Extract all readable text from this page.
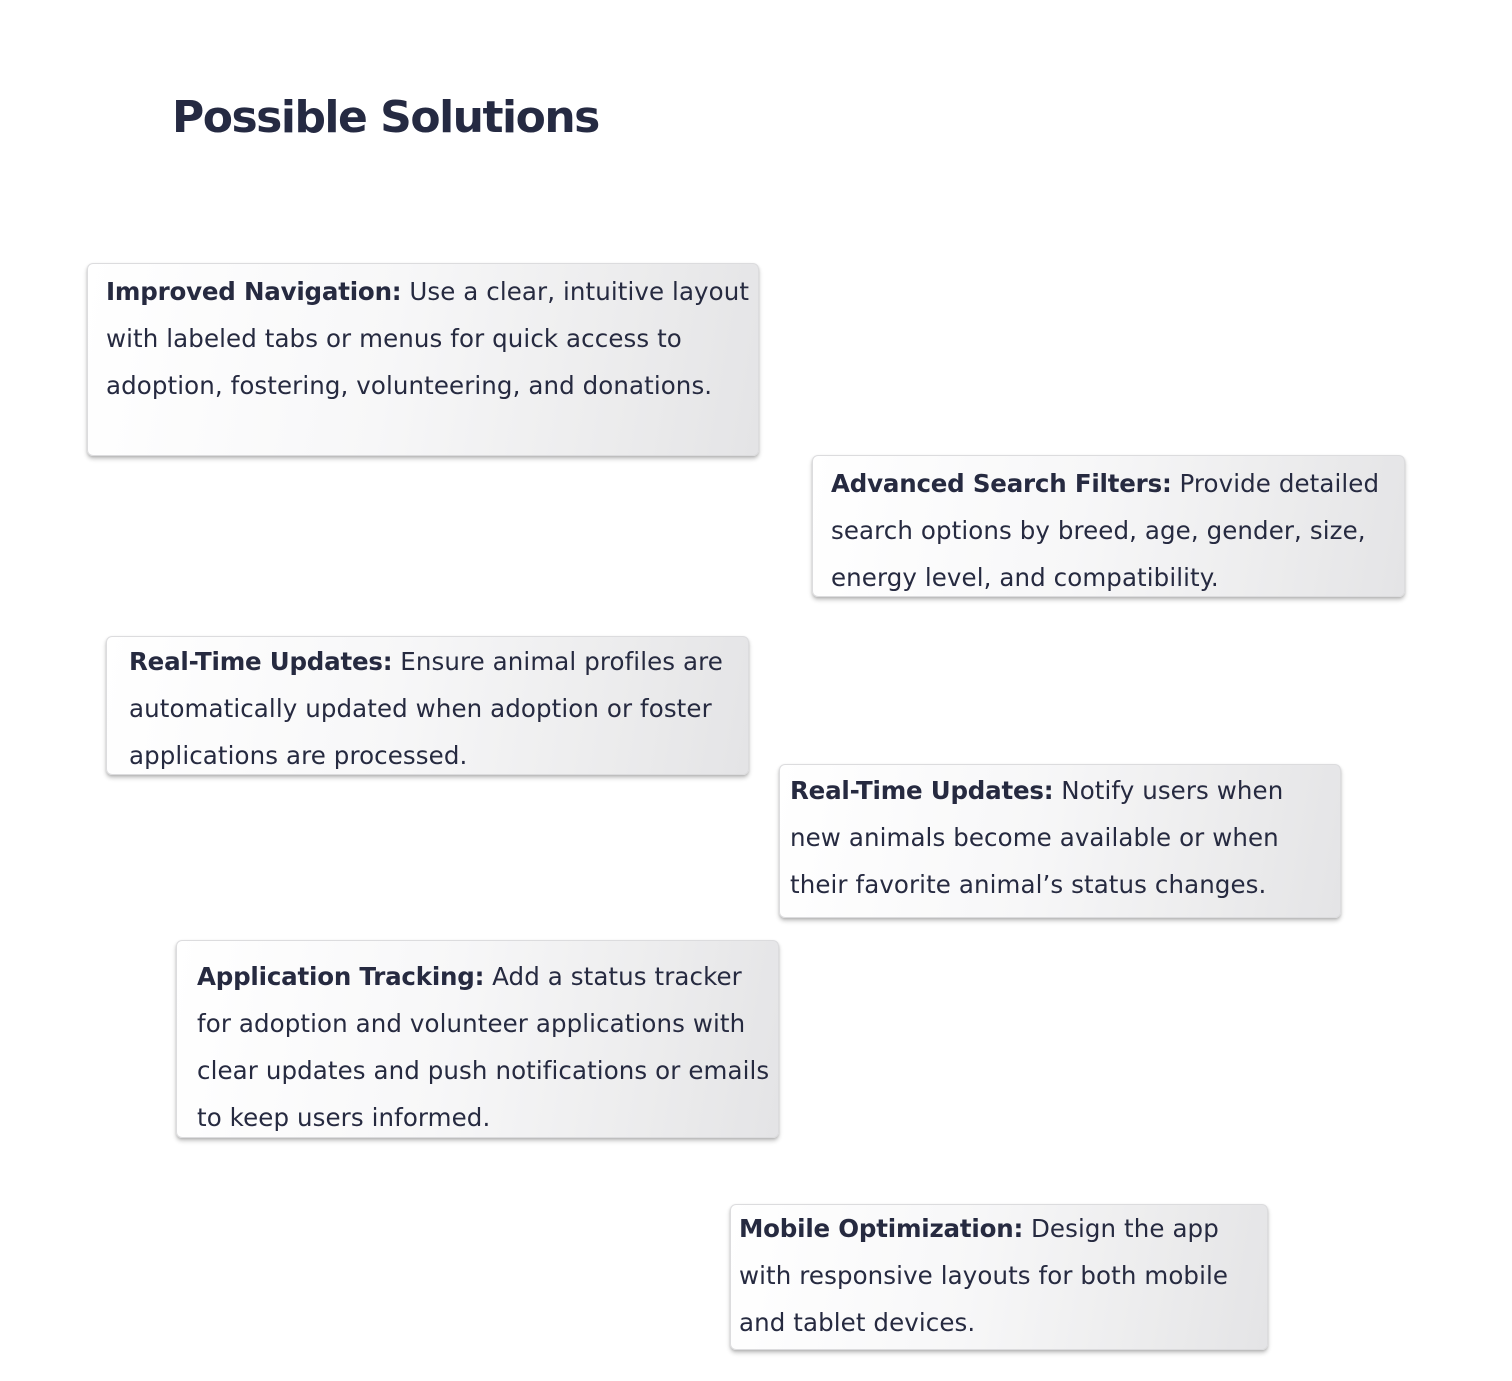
Possible Solutions

Improved Navigation: Use a clear, intuitive layout with labeled tabs or menus for quick access to adoption, fostering, volunteering, and donations.

Advanced Search Filters: Provide detailed search options by breed, age, gender, size, energy level, and compatibility.

Real-Time Updates: Ensure animal profiles are automatically updated when adoption or foster applications are processed.

Real-Time Updates: Notify users when new animals become available or when their favorite animal’s status changes.

Application Tracking: Add a status tracker for adoption and volunteer applications with clear updates and push notifications or emails to keep users informed.

Mobile Optimization: Design the app with responsive layouts for both mobile and tablet devices.
